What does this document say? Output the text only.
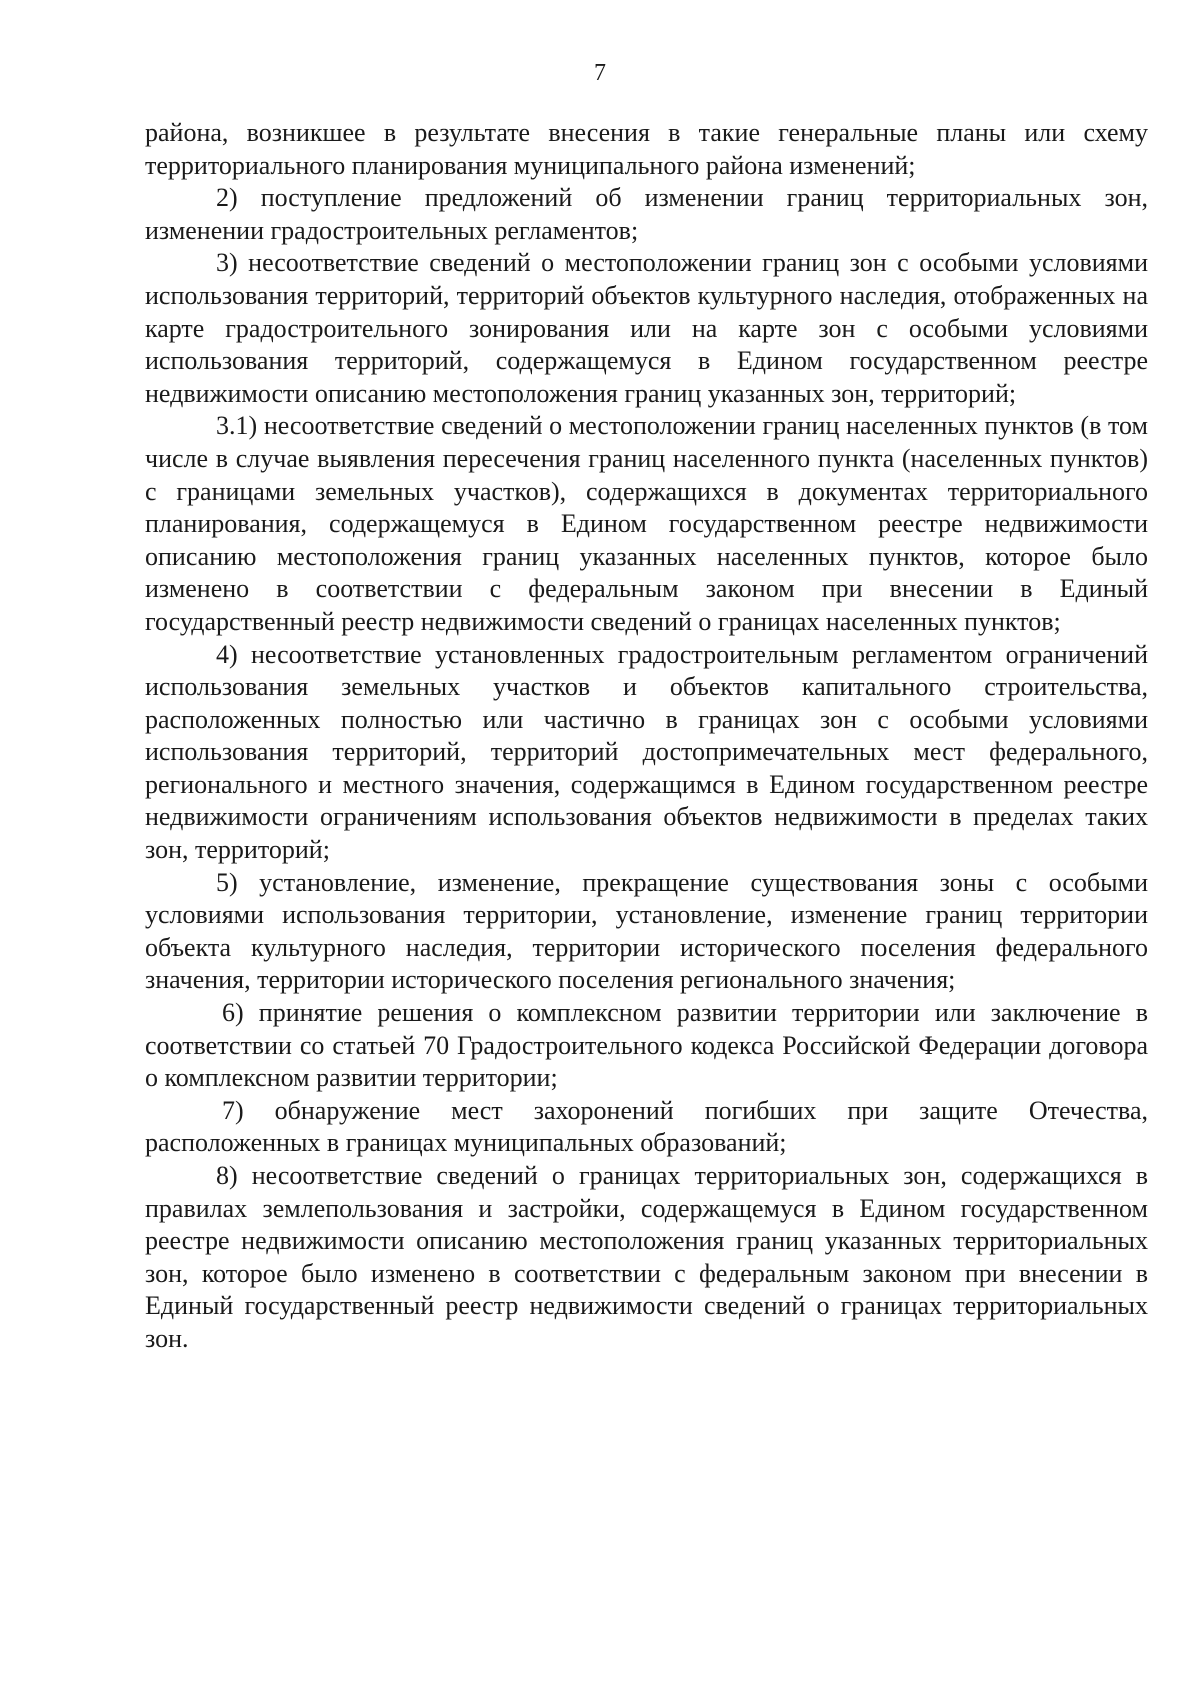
7

района, возникшее в результате внесения в такие генеральные планы или схему территориального планирования муниципального района изменений;

2) поступление предложений об изменении границ территориальных зон, изменении градостроительных регламентов;

3) несоответствие сведений о местоположении границ зон с особыми условиями использования территорий, территорий объектов культурного наследия, отображенных на карте градостроительного зонирования или на карте зон с особыми условиями использования территорий, содержащемуся в Едином государственном реестре недвижимости описанию местоположения границ указанных зон, территорий;

3.1) несоответствие сведений о местоположении границ населенных пунктов (в том числе в случае выявления пересечения границ населенного пункта (населенных пунктов) с границами земельных участков), содержащихся в документах территориального планирования, содержащемуся в Едином государственном реестре недвижимости описанию местоположения границ указанных населенных пунктов, которое было изменено в соответствии с федеральным законом при внесении в Единый государственный реестр недвижимости сведений о границах населенных пунктов;

4) несоответствие установленных градостроительным регламентом ограничений использования земельных участков и объектов капитального строительства, расположенных полностью или частично в границах зон с особыми условиями использования территорий, территорий достопримечательных мест федерального, регионального и местного значения, содержащимся в Едином государственном реестре недвижимости ограничениям использования объектов недвижимости в пределах таких зон, территорий;

5) установление, изменение, прекращение существования зоны с особыми условиями использования территории, установление, изменение границ территории объекта культурного наследия, территории исторического поселения федерального значения, территории исторического поселения регионального значения;

6) принятие решения о комплексном развитии территории или заключение в соответствии со статьей 70 Градостроительного кодекса Российской Федерации договора о комплексном развитии территории;

7) обнаружение мест захоронений погибших при защите Отечества, расположенных в границах муниципальных образований;

8) несоответствие сведений о границах территориальных зон, содержащихся в правилах землепользования и застройки, содержащемуся в Едином государственном реестре недвижимости описанию местоположения границ указанных территориальных зон, которое было изменено в соответствии с федеральным законом при внесении в Единый государственный реестр недвижимости сведений о границах территориальных зон.
